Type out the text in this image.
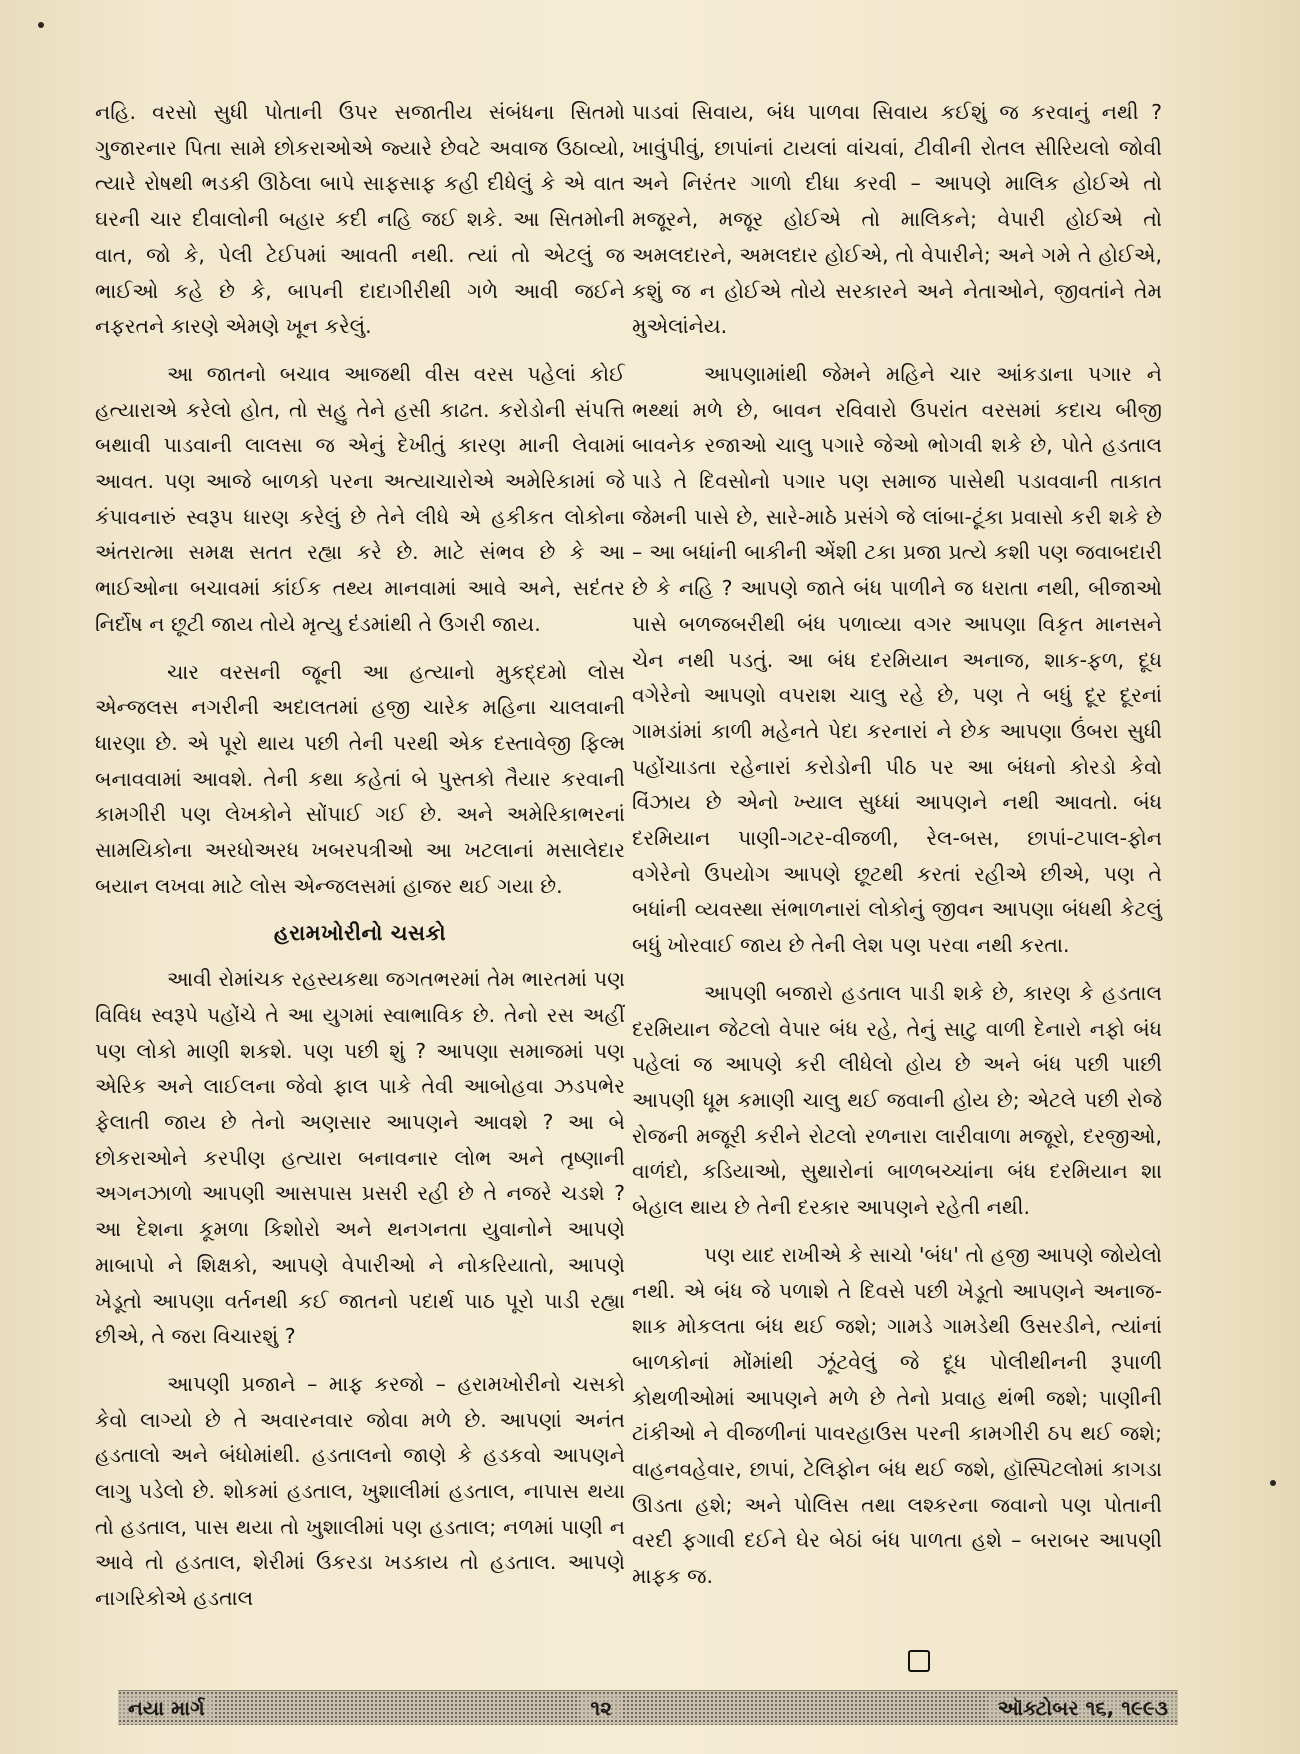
નહિ. વરસો સુધી પોતાની ઉપર સજાતીય સંબંધના સિતમો ગુજારનાર પિતા સામે છોકરાઓએ જ્યારે છેવટે અવાજ ઉઠાવ્યો, ત્યારે રોષથી ભડકી ઊઠેલા બાપે સાફસાફ કહી દીધેલું કે એ વાત ઘરની ચાર દીવાલોની બહાર કદી નહિ જઈ શકે. આ સિતમોની વાત, જો કે, પેલી ટેઈપમાં આવતી નથી. ત્યાં તો એટલું જ ભાઈઓ કહે છે કે, બાપની દાદાગીરીથી ગળે આવી જઈને નફરતને કારણે એમણે ખૂન કરેલું.

આ જાતનો બચાવ આજથી વીસ વરસ પહેલાં કોઈ હત્યારાએ કરેલો હોત, તો સહુ તેને હસી કાઢત. કરોડોની સંપત્તિ બથાવી પાડવાની લાલસા જ એનું દેખીતું કારણ માની લેવામાં આવત. પણ આજે બાળકો પરના અત્યાચારોએ અમેરિકામાં જે કંપાવનારું સ્વરૂપ ધારણ કરેલું છે તેને લીધે એ હકીકત લોકોના અંતરાત્મા સમક્ષ સતત રહ્યા કરે છે. માટે સંભવ છે કે આ ભાઈઓના બચાવમાં કાંઈક તથ્ય માનવામાં આવે અને, સદંતર નિર્દોષ ન છૂટી જાય તોયે મૃત્યુ દંડમાંથી તે ઉગરી જાય.

ચાર વરસની જૂની આ હત્યાનો મુકદ્દમો લોસ એન્જલસ નગરીની અદાલતમાં હજી ચારેક મહિના ચાલવાની ધારણા છે. એ પૂરો થાય પછી તેની પરથી એક દસ્તાવેજી ફિલ્મ બનાવવામાં આવશે. તેની કથા કહેતાં બે પુસ્તકો તૈયાર કરવાની કામગીરી પણ લેખકોને સોંપાઈ ગઈ છે. અને અમેરિકાભરનાં સામયિકોના અરધોઅરધ ખબરપત્રીઓ આ ખટલાનાં મસાલેદાર બયાન લખવા માટે લોસ એન્જલસમાં હાજર થઈ ગયા છે.

હરામખોરીનો ચસકો

આવી રોમાંચક રહસ્યકથા જગતભરમાં તેમ ભારતમાં પણ વિવિધ સ્વરૂપે પહોંચે તે આ યુગમાં સ્વાભાવિક છે. તેનો રસ અહીં પણ લોકો માણી શકશે. પણ પછી શું ? આપણા સમાજમાં પણ એરિક અને લાઈલના જેવો ફાલ પાકે તેવી આબોહવા ઝડપભેર ફેલાતી જાય છે તેનો અણસાર આપણને આવશે ? આ બે છોકરાઓને કરપીણ હત્યારા બનાવનાર લોભ અને તૃષ્ણાની અગનઝાળો આપણી આસપાસ પ્રસરી રહી છે તે નજરે ચડશે ? આ દેશના કૂમળા કિશોરો અને થનગનતા યુવાનોને આપણે માબાપો ને શિક્ષકો, આપણે વેપારીઓ ને નોકરિયાતો, આપણે ખેડૂતો આપણા વર્તનથી કઈ જાતનો પદાર્થ પાઠ પૂરો પાડી રહ્યા છીએ, તે જરા વિચારશું ?

આપણી પ્રજાને – માફ કરજો – હરામખોરીનો ચસકો કેવો લાગ્યો છે તે અવારનવાર જોવા મળે છે. આપણાં અનંત હડતાલો અને બંધોમાંથી. હડતાલનો જાણે કે હડકવો આપણને લાગુ પડેલો છે. શોકમાં હડતાલ, ખુશાલીમાં હડતાલ, નાપાસ થયા તો હડતાલ, પાસ થયા તો ખુશાલીમાં પણ હડતાલ; નળમાં પાણી ન આવે તો હડતાલ, શેરીમાં ઉકરડા ખડકાય તો હડતાલ. આપણે નાગરિકોએ હડતાલ

પાડવાં સિવાય, બંધ પાળવા સિવાય કઈશું જ કરવાનું નથી ? ખાવુંપીવું, છાપાંનાં ટાયલાં વાંચવાં, ટીવીની રોતલ સીરિયલો જોવી અને નિરંતર ગાળો દીધા કરવી – આપણે માલિક હોઈએ તો મજૂરને, મજૂર હોઈએ તો માલિકને; વેપારી હોઈએ તો અમલદારને, અમલદાર હોઈએ, તો વેપારીને; અને ગમે તે હોઈએ, કશું જ ન હોઈએ તોયે સરકારને અને નેતાઓને, જીવતાંને તેમ મુએલાંનેય.

આપણામાંથી જેમને મહિને ચાર આંકડાના પગાર ને ભથ્થાં મળે છે, બાવન રવિવારો ઉપરાંત વરસમાં કદાચ બીજી બાવનેક રજાઓ ચાલુ પગારે જેઓ ભોગવી શકે છે, પોતે હડતાલ પાડે તે દિવસોનો પગાર પણ સમાજ પાસેથી પડાવવાની તાકાત જેમની પાસે છે, સારે-માઠે પ્રસંગે જે લાંબા-ટૂંકા પ્રવાસો કરી શકે છે – આ બધાંની બાકીની એંશી ટકા પ્રજા પ્રત્યે કશી પણ જવાબદારી છે કે નહિ ? આપણે જાતે બંધ પાળીને જ ધરાતા નથી, બીજાઓ પાસે બળજબરીથી બંધ પળાવ્યા વગર આપણા વિકૃત માનસને ચેન નથી પડતું. આ બંધ દરમિયાન અનાજ, શાક-ફળ, દૂધ વગેરેનો આપણો વપરાશ ચાલુ રહે છે, પણ તે બધું દૂર દૂરનાં ગામડાંમાં કાળી મહેનતે પેદા કરનારાં ને છેક આપણા ઉંબરા સુધી પહોંચાડતા રહેનારાં કરોડોની પીઠ પર આ બંધનો કોરડો કેવો વિંઝાય છે એનો ખ્યાલ સુધ્ધાં આપણને નથી આવતો. બંધ દરમિયાન પાણી-ગટર-વીજળી, રેલ-બસ, છાપાં-ટપાલ-ફોન વગેરેનો ઉપયોગ આપણે છૂટથી કરતાં રહીએ છીએ, પણ તે બધાંની વ્યવસ્થા સંભાળનારાં લોકોનું જીવન આપણા બંધથી કેટલું બધું ખોરવાઈ જાય છે તેની લેશ પણ પરવા નથી કરતા.

આપણી બજારો હડતાલ પાડી શકે છે, કારણ કે હડતાલ દરમિયાન જેટલો વેપાર બંધ રહે, તેનું સાટુ વાળી દેનારો નફો બંધ પહેલાં જ આપણે કરી લીધેલો હોય છે અને બંધ પછી પાછી આપણી ધૂમ કમાણી ચાલુ થઈ જવાની હોય છે; એટલે પછી રોજે રોજની મજૂરી કરીને રોટલો રળનારા લારીવાળા મજૂરો, દરજીઓ, વાળંદો, કડિયાઓ, સુથારોનાં બાળબચ્ચાંના બંધ દરમિયાન શા બેહાલ થાય છે તેની દરકાર આપણને રહેતી નથી.

પણ યાદ રાખીએ કે સાચો 'બંધ' તો હજી આપણે જોયેલો નથી. એ બંધ જે પળાશે તે દિવસે પછી ખેડૂતો આપણને અનાજ-શાક મોકલતા બંધ થઈ જશે; ગામડે ગામડેથી ઉસરડીને, ત્યાંનાં બાળકોનાં મોંમાંથી ઝૂંટવેલું જે દૂધ પોલીથીનની રૂપાળી કોથળીઓમાં આપણને મળે છે તેનો પ્રવાહ થંભી જશે; પાણીની ટાંકીઓ ને વીજળીનાં પાવરહાઉસ પરની કામગીરી ઠપ થઈ જશે; વાહનવહેવાર, છાપાં, ટેલિફોન બંધ થઈ જશે, હૉસ્પિટલોમાં કાગડા ઊડતા હશે; અને પોલિસ તથા લશ્કરના જવાનો પણ પોતાની વરદી ફગાવી દઈને ઘેર બેઠાં બંધ પાળતા હશે – બરાબર આપણી માફક જ.

નયા માર્ગ	૧૨	ઑક્ટોબર ૧૬, ૧૯૯૩
